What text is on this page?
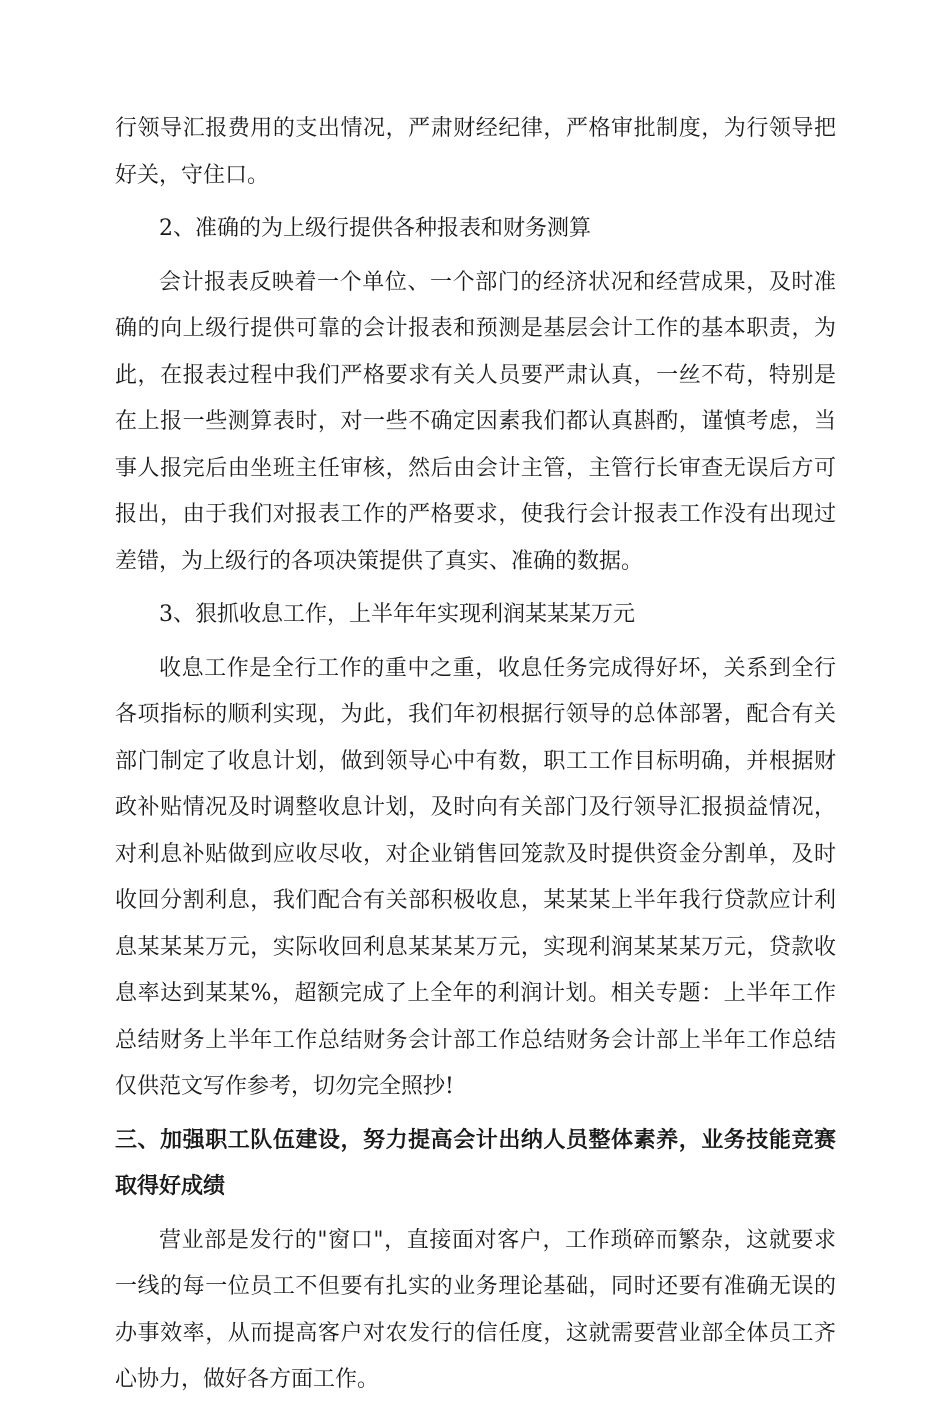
行领导汇报费用的支出情况，严肃财经纪律，严格审批制度，为行领导把好关，守住口。

2、准确的为上级行提供各种报表和财务测算

会计报表反映着一个单位、一个部门的经济状况和经营成果，及时准确的向上级行提供可靠的会计报表和预测是基层会计工作的基本职责，为此，在报表过程中我们严格要求有关人员要严肃认真，一丝不苟，特别是在上报一些测算表时，对一些不确定因素我们都认真斟酌，谨慎考虑，当事人报完后由坐班主任审核，然后由会计主管，主管行长审查无误后方可报出，由于我们对报表工作的严格要求，使我行会计报表工作没有出现过差错，为上级行的各项决策提供了真实、准确的数据。

3、狠抓收息工作，上半年年实现利润某某某万元

收息工作是全行工作的重中之重，收息任务完成得好坏，关系到全行各项指标的顺利实现，为此，我们年初根据行领导的总体部署，配合有关部门制定了收息计划，做到领导心中有数，职工工作目标明确，并根据财政补贴情况及时调整收息计划，及时向有关部门及行领导汇报损益情况，对利息补贴做到应收尽收，对企业销售回笼款及时提供资金分割单，及时收回分割利息，我们配合有关部积极收息，某某某上半年我行贷款应计利息某某某万元，实际收回利息某某某万元，实现利润某某某万元，贷款收息率达到某某%，超额完成了上全年的利润计划。相关专题：上半年工作总结财务上半年工作总结财务会计部工作总结财务会计部上半年工作总结仅供范文写作参考，切勿完全照抄!

三、加强职工队伍建设，努力提高会计出纳人员整体素养，业务技能竞赛取得好成绩

营业部是发行的"窗口"，直接面对客户，工作琐碎而繁杂，这就要求一线的每一位员工不但要有扎实的业务理论基础，同时还要有准确无误的办事效率，从而提高客户对农发行的信任度，这就需要营业部全体员工齐心协力，做好各方面工作。
